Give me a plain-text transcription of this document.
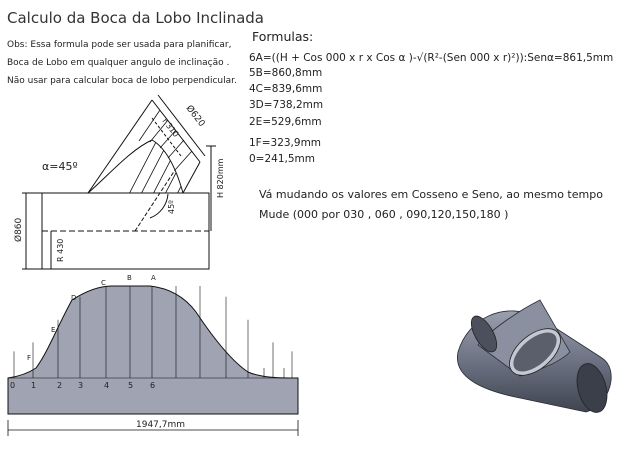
Calculo da Boca da Lobo Inclinada
Obs: Essa formula pode ser usada para planificar,
Boca de Lobo em qualquer angulo de inclinação .
Não usar para calcular boca de lobo perpendicular.
Formulas:
6A=((H + Cos 000 x r x Cos α )-√(R²-(Sen 000 x r)²)):Senα=861,5mm
5B=860,8mm
4C=839,6mm
3D=738,2mm
2E=529,6mm
1F=323,9mm
0=241,5mm
Vá mudando os valores em Cosseno e Seno, ao mesmo tempo
Mude (000 por 030 , 060 , 090,120,150,180 )
α=45º
Ø620
r 310
H 820mm
45º
Ø860
R 430
1947,7mm
0 1	2 3	4 5 6
F
E
D
C
B	A
